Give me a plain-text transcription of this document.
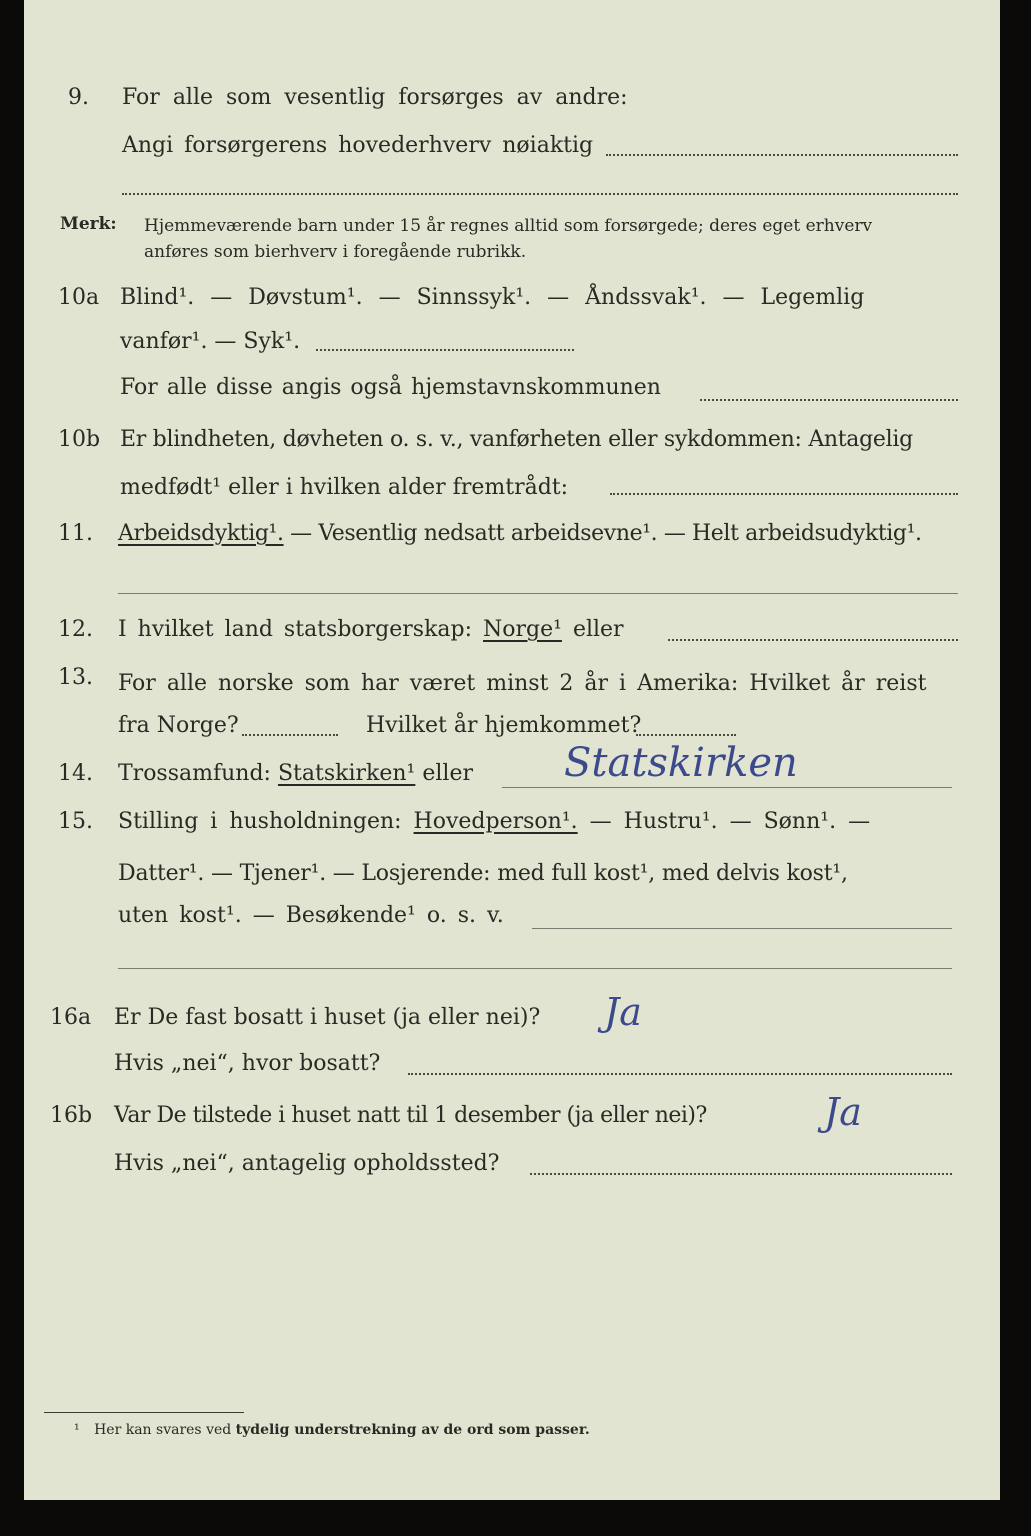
9. For alle som vesentlig forsørges av andre:
Angi forsørgerens hovederhverv nøiaktig
Merk: Hjemmeværende barn under 15 år regnes alltid som forsørgede; deres eget erhverv
anføres som bierhverv i foregående rubrikk.
10a Blind¹. — Døvstum¹. — Sinnssyk¹. — Åndssvak¹. — Legemlig
vanfør¹. — Syk¹.
For alle disse angis også hjemstavnskommunen
10b Er blindheten, døvheten o. s. v., vanførheten eller sykdommen: Antagelig
medfødt¹ eller i hvilken alder fremtrådt:
11. Arbeidsdyktig¹. — Vesentlig nedsatt arbeidsevne¹. — Helt arbeidsudyktig¹.
12. I hvilket land statsborgerskap: Norge¹ eller
13. For alle norske som har været minst 2 år i Amerika: Hvilket år reist
fra Norge?	Hvilket år hjemkommet?
14. Trossamfund: Statskirken¹ eller Statskirken
15. Stilling i husholdningen: Hovedperson¹. — Hustru¹. — Sønn¹. —
Datter¹. — Tjener¹. — Losjerende: med full kost¹, med delvis kost¹,
uten kost¹. — Besøkende¹ o. s. v.
16a Er De fast bosatt i huset (ja eller nei)? Ja
Hvis „nei“, hvor bosatt?
16b Var De tilstede i huset natt til 1 desember (ja eller nei)?	Ja
Hvis „nei“, antagelig opholdssted?
¹ Her kan svares ved tydelig understrekning av de ord som passer.
